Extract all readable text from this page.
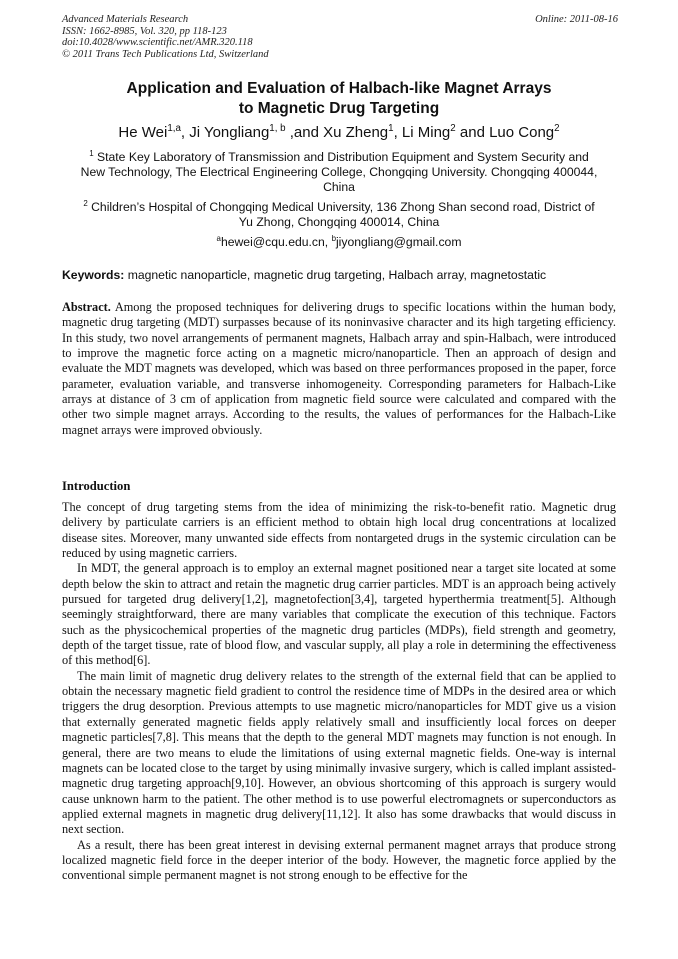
Advanced Materials Research
ISSN: 1662-8985, Vol. 320, pp 118-123
doi:10.4028/www.scientific.net/AMR.320.118
© 2011 Trans Tech Publications Ltd, Switzerland
Online: 2011-08-16
Application and Evaluation of Halbach-like Magnet Arrays
to Magnetic Drug Targeting
He Wei$^{1,a}$, Ji Yongliang$^{1, b}$ ,and Xu Zheng$^1$, Li Ming$^2$ and Luo Cong$^2$
$^1$ State Key Laboratory of Transmission and Distribution Equipment and System Security and New Technology, The Electrical Engineering College, Chongqing University. Chongqing 400044, China
$^2$ Children’s Hospital of Chongqing Medical University, 136 Zhong Shan second road, District of Yu Zhong, Chongqing 400014, China
$^a$hewei@cqu.edu.cn, $^b$jiyongliang@gmail.com
Keywords: magnetic nanoparticle, magnetic drug targeting, Halbach array, magnetostatic
Abstract. Among the proposed techniques for delivering drugs to specific locations within the human body, magnetic drug targeting (MDT) surpasses because of its noninvasive character and its high targeting efficiency. In this study, two novel arrangements of permanent magnets, Halbach array and spin-Halbach, were introduced to improve the magnetic force acting on a magnetic micro/nanoparticle. Then an approach of design and evaluate the MDT magnets was developed, which was based on three performances proposed in the paper, force parameter, evaluation variable, and transverse inhomogeneity. Corresponding parameters for Halbach-Like arrays at distance of 3 cm of application from magnetic field source were calculated and compared with the other two simple magnet arrays. According to the results, the values of performances for the Halbach-Like magnet arrays were improved obviously.
Introduction

The concept of drug targeting stems from the idea of minimizing the risk-to-benefit ratio. Magnetic drug delivery by particulate carriers is an efficient method to obtain high local drug concentrations at localized disease sites. Moreover, many unwanted side effects from nontargeted drugs in the systemic circulation can be reduced by using magnetic carriers.

In MDT, the general approach is to employ an external magnet positioned near a target site located at some depth below the skin to attract and retain the magnetic drug carrier particles. MDT is an approach being actively pursued for targeted drug delivery[1,2], magnetofection[3,4], targeted hyperthermia treatment[5]. Although seemingly straightforward, there are many variables that complicate the execution of this technique. Factors such as the physicochemical properties of the magnetic drug particles (MDPs), field strength and geometry, depth of the target tissue, rate of blood flow, and vascular supply, all play a role in determining the effectiveness of this method[6].

The main limit of magnetic drug delivery relates to the strength of the external field that can be applied to obtain the necessary magnetic field gradient to control the residence time of MDPs in the desired area or which triggers the drug desorption. Previous attempts to use magnetic micro/nanoparticles for MDT give us a vision that externally generated magnetic fields apply relatively small and insufficiently local forces on deeper magnetic particles[7,8]. This means that the depth to the general MDT magnets may function is not enough. In general, there are two means to elude the limitations of using external magnetic fields. One-way is internal magnets can be located close to the target by using minimally invasive surgery, which is called implant assisted-magnetic drug targeting approach[9,10]. However, an obvious shortcoming of this approach is surgery would cause unknown harm to the patient. The other method is to use powerful electromagnets or superconductors as applied external magnets in magnetic drug delivery[11,12]. It also has some drawbacks that would discuss in next section.

As a result, there has been great interest in devising external permanent magnet arrays that produce strong localized magnetic field force in the deeper interior of the body. However, the magnetic force applied by the conventional simple permanent magnet is not strong enough to be effective for the
